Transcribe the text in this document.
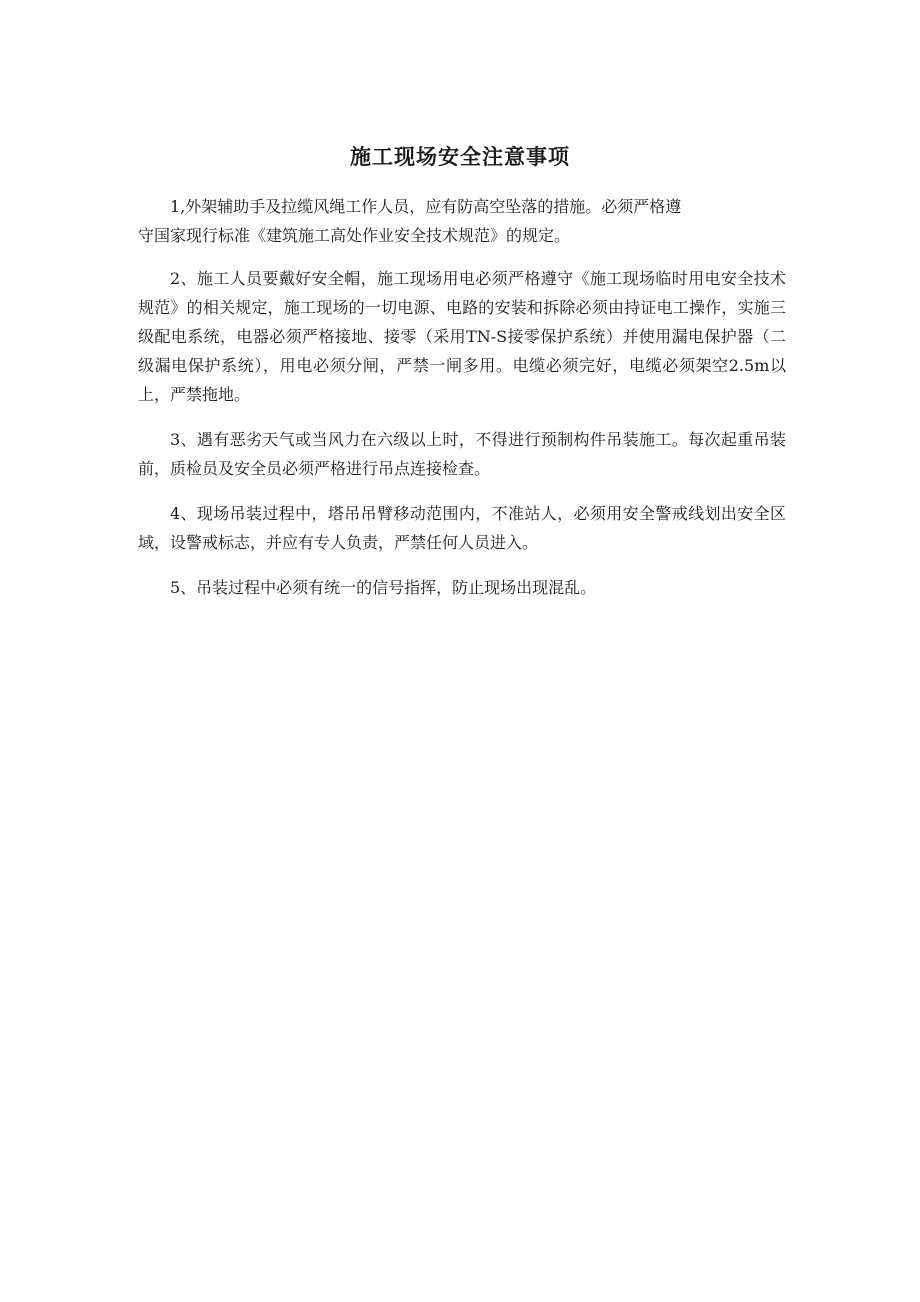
施工现场安全注意事项

1,外架辅助手及拉缆风绳工作人员，应有防高空坠落的措施。必须严格遵
守国家现行标准《建筑施工高处作业安全技术规范》的规定。

2、施工人员要戴好安全帽，施工现场用电必须严格遵守《施工现场临时用电安全技术规范》的相关规定，施工现场的一切电源、电路的安装和拆除必须由持证电工操作，实施三级配电系统，电器必须严格接地、接零（采用TN-S接零保护系统）并使用漏电保护器（二级漏电保护系统），用电必须分闸，严禁一闸多用。电缆必须完好，电缆必须架空2.5m以上，严禁拖地。

3、遇有恶劣天气或当风力在六级以上时，不得进行预制构件吊装施工。每次起重吊装前，质检员及安全员必须严格进行吊点连接检查。

4、现场吊装过程中，塔吊吊臂移动范围内，不准站人，必须用安全警戒线划出安全区域，设警戒标志，并应有专人负责，严禁任何人员进入。

5、吊装过程中必须有统一的信号指挥，防止现场出现混乱。
